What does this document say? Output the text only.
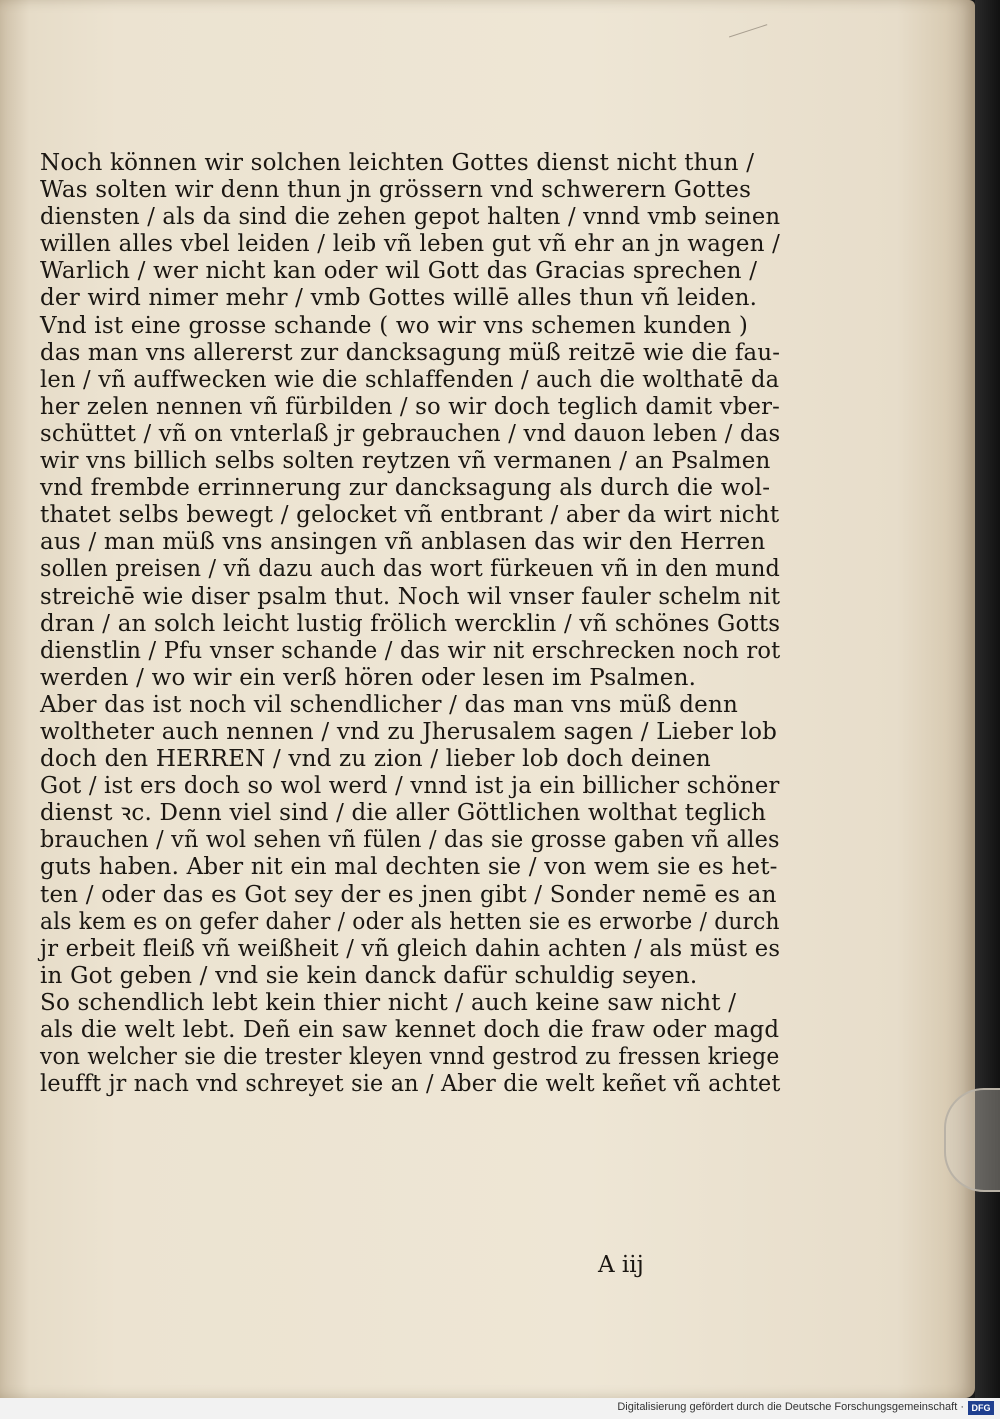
Noch können wir solchen leichten Gottes dienst nicht thun /
Was solten wir denn thun jn grössern vnd schwerern Gottes
diensten / als da sind die zehen gepot halten / vnnd vmb seinen
willen alles vbel leiden / leib vñ leben gut vñ ehr an jn wagen /
Warlich / wer nicht kan oder wil Gott das Gracias sprechen /
der wird nimer mehr / vmb Gottes willē alles thun vñ leiden.
Vnd ist eine grosse schande ( wo wir vns schemen kunden )
das man vns allererst zur dancksagung müß reitzē wie die fau-
len / vñ auffwecken wie die schlaffenden / auch die wolthatē da
her zelen nennen vñ fürbilden / so wir doch teglich damit vber-
schüttet / vñ on vnterlaß jr gebrauchen / vnd dauon leben / das
wir vns billich selbs solten reytzen vñ vermanen / an Psalmen
vnd frembde errinnerung zur dancksagung als durch die wol-
thatet selbs bewegt / gelocket vñ entbrant / aber da wirt nicht
aus / man müß vns ansingen vñ anblasen das wir den Herren
sollen preisen / vñ dazu auch das wort fürkeuen vñ in den mund
streichē wie diser psalm thut. Noch wil vnser fauler schelm nit
dran / an solch leicht lustig frölich wercklin / vñ schönes Gotts
dienstlin / Pfu vnser schande / das wir nit erschrecken noch rot
werden / wo wir ein verß hören oder lesen im Psalmen.
Aber das ist noch vil schendlicher / das man vns müß denn
woltheter auch nennen / vnd zu Jherusalem sagen / Lieber lob
doch den HERREN / vnd zu zion / lieber lob doch deinen
Got / ist ers doch so wol werd / vnnd ist ja ein billicher schöner
dienst ꝛc. Denn viel sind / die aller Göttlichen wolthat teglich
brauchen / vñ wol sehen vñ fülen / das sie grosse gaben vñ alles
guts haben. Aber nit ein mal dechten sie / von wem sie es het-
ten / oder das es Got sey der es jnen gibt / Sonder nemē es an
als kem es on gefer daher / oder als hetten sie es erworbe / durch
jr erbeit fleiß vñ weißheit / vñ gleich dahin achten / als müst es
in Got geben / vnd sie kein danck dafür schuldig seyen.
So schendlich lebt kein thier nicht / auch keine saw nicht /
als die welt lebt. Deñ ein saw kennet doch die fraw oder magd
von welcher sie die trester kleyen vnnd gestrod zu fressen kriege
leufft jr nach vnd schreyet sie an / Aber die welt keñet vñ achtet
A iij
Digitalisierung gefördert durch die Deutsche Forschungsgemeinschaft · DFG
